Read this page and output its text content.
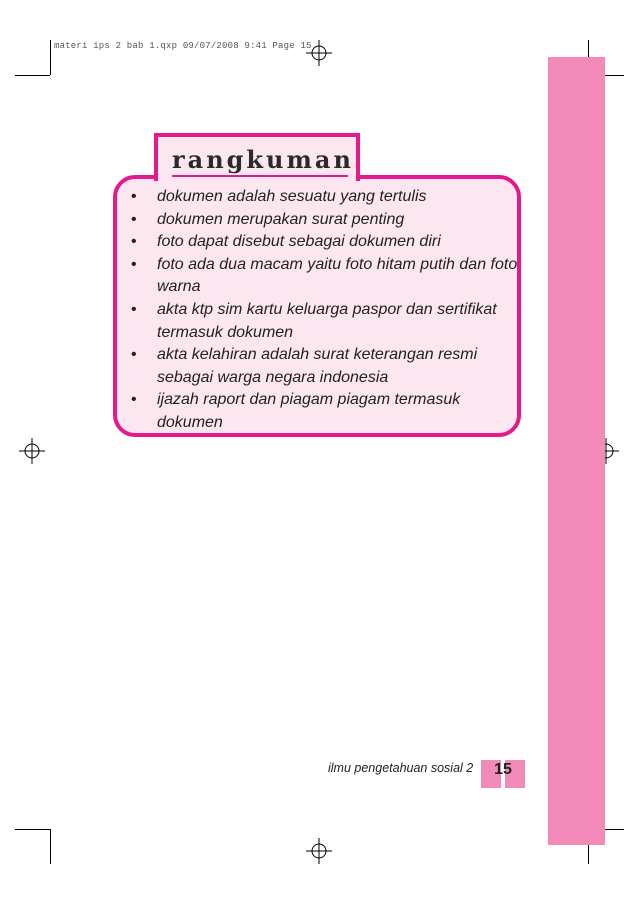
materi ips 2 bab 1.qxp 09/07/2008 9:41 Page 15
rangkuman
• dokumen adalah sesuatu yang tertulis
• dokumen merupakan surat penting
• foto dapat disebut sebagai dokumen diri
• foto ada dua macam yaitu foto hitam putih dan foto warna
• akta ktp sim kartu keluarga paspor dan sertifikat termasuk dokumen
• akta kelahiran adalah surat keterangan resmi sebagai warga negara indonesia
• ijazah raport dan piagam piagam termasuk dokumen
ilmu pengetahuan sosial 2	15
